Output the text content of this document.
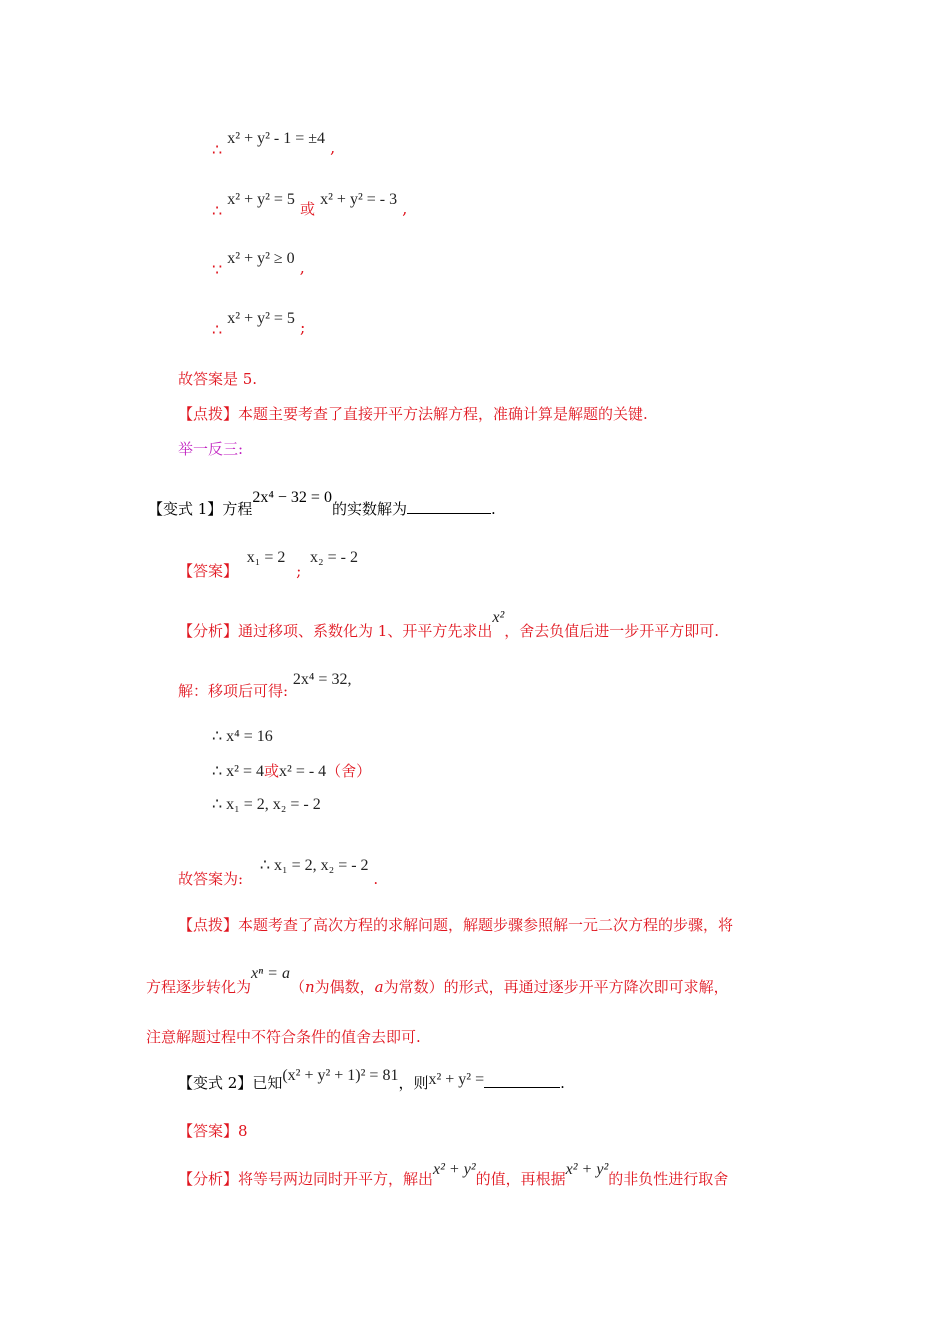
∴ x² + y² - 1 = ±4 ,
∴ x² + y² = 5 或 x² + y² = - 3 ,
∵ x² + y² ≥ 0 ,
∴ x² + y² = 5 ;
故答案是 5.
【点拨】本题主要考查了直接开平方法解方程，准确计算是解题的关键.
举一反三:
【变式 1】方程2x⁴ − 32 = 0的实数解为	.
【答案】 x₁ = 2 ; x₂ = - 2
【分析】通过移项、系数化为 1、开平方先求出x²，舍去负值后进一步开平方即可.
解：移项后可得: 2x⁴ = 32,
∴ x⁴ = 16
∴ x² = 4或x² = - 4（舍）
∴ x₁ = 2, x₂ = - 2
故答案为: ∴ x₁ = 2, x₂ = - 2 .
【点拨】本题考查了高次方程的求解问题，解题步骤参照解一元二次方程的步骤，将
方程逐步转化为xⁿ = a（n为偶数，a为常数）的形式，再通过逐步开平方降次即可求解，
注意解题过程中不符合条件的值舍去即可.
【变式 2】已知(x² + y² + 1)² = 81，则x² + y² =	.
【答案】8
【分析】将等号两边同时开平方，解出x² + y²的值，再根据x² + y²的非负性进行取舍
